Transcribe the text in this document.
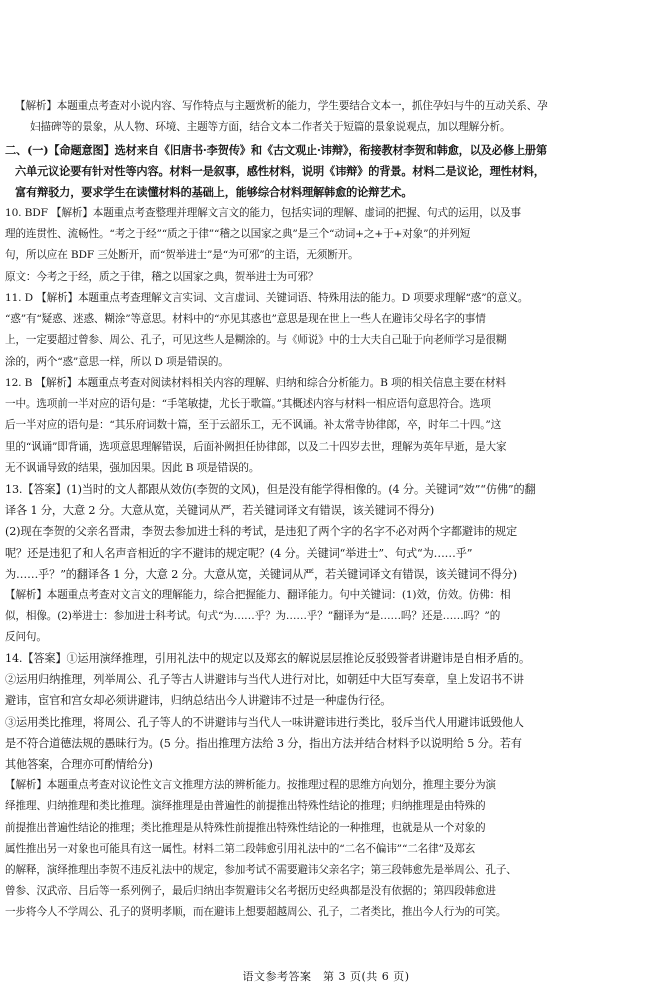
【解析】本题重点考查对小说内容、写作特点与主题赏析的能力，学生要结合文本一，抓住孕妇与牛的互动关系、孕
妇描碑等的景象，从人物、环境、主题等方面，结合文本二作者关于短篇的景象说观点，加以理解分析。
二、(一)【命题意图】选材来自《旧唐书·李贺传》和《古文观止·讳辩》，衔接教材李贺和韩愈，以及必修上册第
六单元议论要有针对性等内容。材料一是叙事，感性材料，说明《讳辩》的背景。材料二是议论，理性材料，
富有辩驳力，要求学生在读懂材料的基础上，能够综合材料理解韩愈的论辩艺术。
10. BDF 【解析】本题重点考查整理并理解文言文的能力，包括实词的理解、虚词的把握、句式的运用，以及事
理的连贯性、流畅性。“考之于经”“质之于律”“稽之以国家之典”是三个“动词+之+于+对象”的并列短
句，所以应在 BDF 三处断开，而“贺举进士”是“为可邪”的主语，无须断开。
原文：今考之于经，质之于律，稽之以国家之典，贺举进士为可邪？
11. D 【解析】本题重点考查理解文言实词、文言虚词、关键词语、特殊用法的能力。D 项要求理解“惑”的意义。
“惑”有“疑惑、迷惑、糊涂”等意思。材料中的“亦见其惑也”意思是现在世上一些人在避讳父母名字的事情
上，一定要超过曾参、周公、孔子，可见这些人是糊涂的。与《师说》中的士大夫自己耻于向老师学习是很糊
涂的，两个“惑”意思一样，所以 D 项是错误的。
12. B 【解析】本题重点考查对阅读材料相关内容的理解、归纳和综合分析能力。B 项的相关信息主要在材料
一中。选项前一半对应的语句是：“手笔敏捷，尤长于歌篇。”其概述内容与材料一相应语句意思符合。选项
后一半对应的语句是：“其乐府词数十篇，至于云韶乐工，无不讽诵。补太常寺协律郎，卒，时年二十四。”这
里的“讽诵”即背诵，选项意思理解错误，后面补阙担任协律郎，以及二十四岁去世，理解为英年早逝，是大家
无不讽诵导致的结果，强加因果。因此 B 项是错误的。
13.【答案】(1)当时的文人都跟从效仿(李贺的文风)，但是没有能学得相像的。(4 分。关键词“效”“仿佛”的翻
译各 1 分，大意 2 分。大意从宽，关键词从严，若关键词译文有错误，该关键词不得分)
(2)现在李贺的父亲名晋肃，李贺去参加进士科的考试，是违犯了两个字的名字不必对两个字都避讳的规定
呢？还是违犯了和人名声音相近的字不避讳的规定呢？(4 分。关键词“举进士”、句式“为……乎”
为……乎？”的翻译各 1 分，大意 2 分。大意从宽，关键词从严，若关键词译文有错误，该关键词不得分)
【解析】本题重点考查对文言文的理解能力，综合把握能力、翻译能力。句中关键词：(1)效，仿效。仿佛：相
似，相像。(2)举进士：参加进士科考试。句式“为……乎？为……乎？”翻译为“是……吗？还是……吗？”的
反问句。
14.【答案】①运用演绎推理，引用礼法中的规定以及郑玄的解说层层推论反驳毁誉者讲避讳是自相矛盾的。
②运用归纳推理，列举周公、孔子等古人讲避讳与当代人进行对比，如朝廷中大臣写奏章，皇上发诏书不讲
避讳，宦官和宫女却必须讲避讳，归纳总结出今人讲避讳不过是一种虚伪行径。
③运用类比推理，将周公、孔子等人的不讲避讳与当代人一味讲避讳进行类比，驳斥当代人用避讳诋毁他人
是不符合道德法规的愚昧行为。(5 分。指出推理方法给 3 分，指出方法并结合材料予以说明给 5 分。若有
其他答案，合理亦可酌情给分)
【解析】本题重点考查对议论性文言文推理方法的辨析能力。按推理过程的思维方向划分，推理主要分为演
绎推理、归纳推理和类比推理。演绎推理是由普遍性的前提推出特殊性结论的推理；归纳推理是由特殊的
前提推出普遍性结论的推理；类比推理是从特殊性前提推出特殊性结论的一种推理，也就是从一个对象的
属性推出另一对象也可能具有这一属性。材料二第二段韩愈引用礼法中的“二名不偏讳”“二名律”及郑玄
的解释，演绎推理出李贺不违反礼法中的规定，参加考试不需要避讳父亲名字；第三段韩愈先是举周公、孔子、
曾参、汉武帝、吕后等一系列例子，最后归纳出李贺避讳父名考据历史经典都是没有依据的；第四段韩愈进
一步将今人不学周公、孔子的贤明孝顺，而在避讳上想要超越周公、孔子，二者类比，推出今人行为的可笑。
语文参考答案　第 3 页(共 6 页)
